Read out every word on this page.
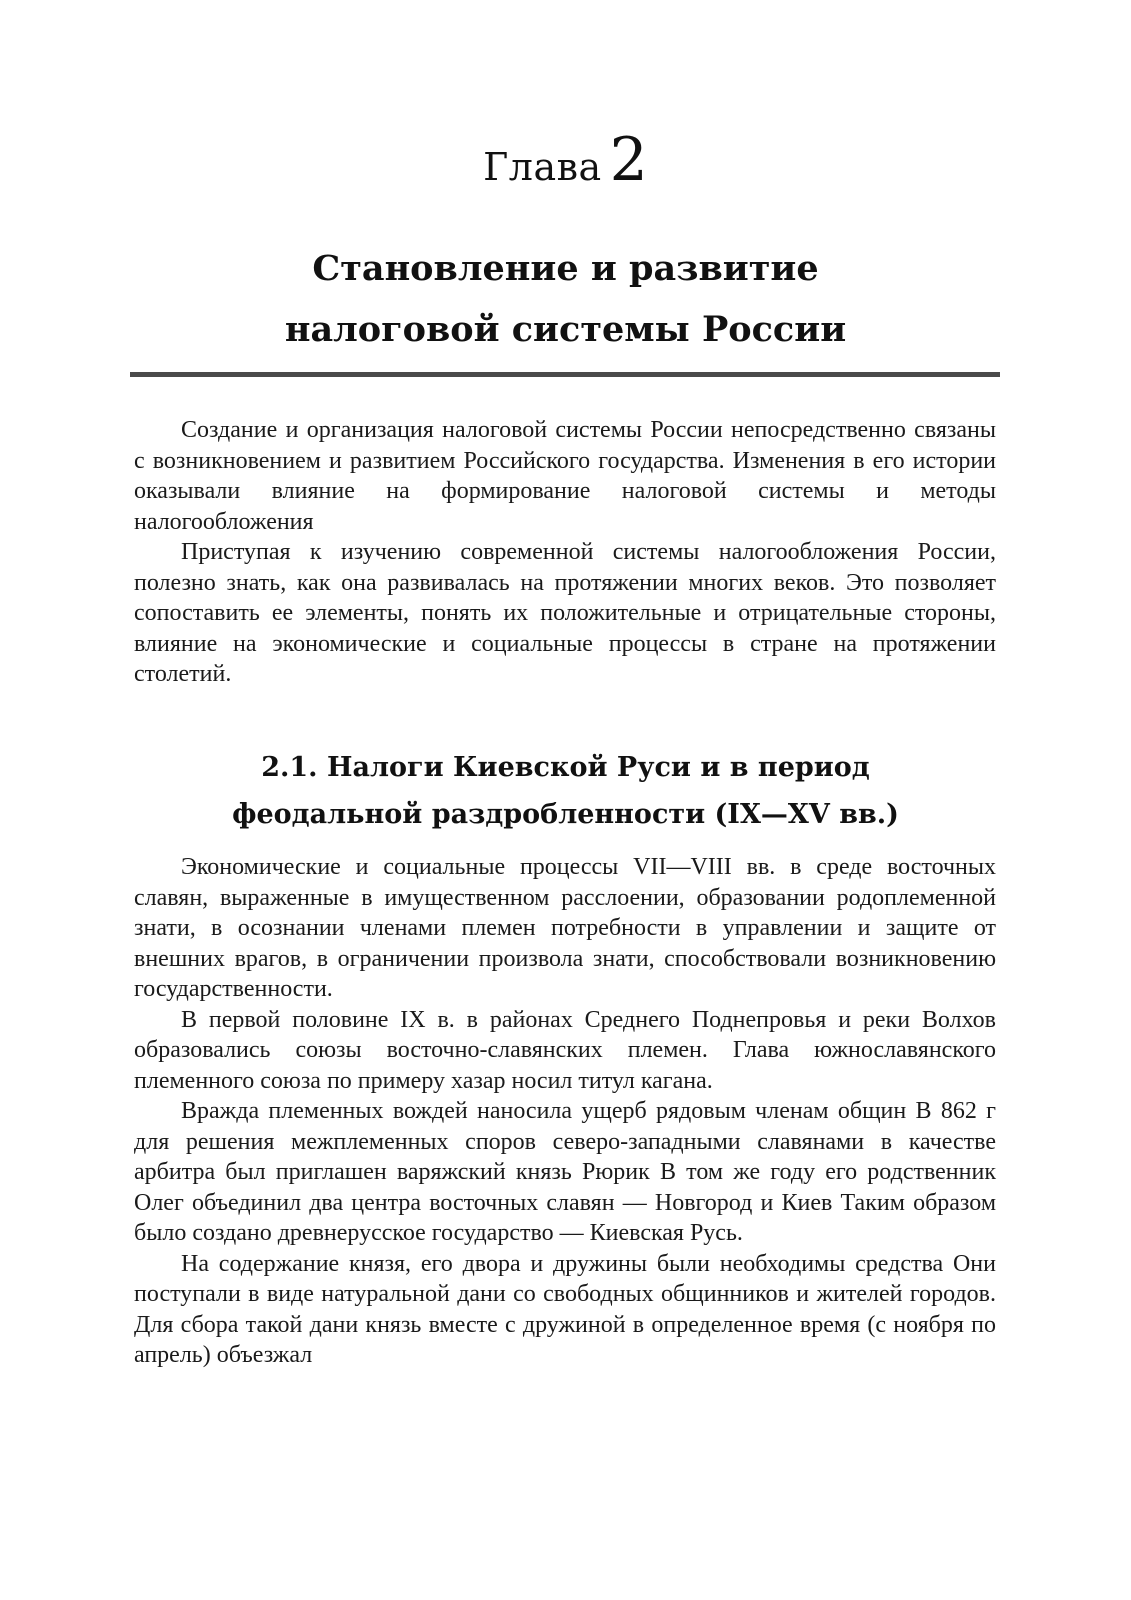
Глава 2
Становление и развитие
налоговой системы России

Создание и организация налоговой системы России непосредственно связаны с возникновением и развитием Российского государства. Изменения в его истории оказывали влияние на формирование налоговой системы и методы налогообложения

Приступая к изучению современной системы налогообложения России, полезно знать, как она развивалась на протяжении многих веков. Это позволяет сопоставить ее элементы, понять их положительные и отрицательные стороны, влияние на экономические и социальные процессы в стране на протяжении столетий.

2.1. Налоги Киевской Руси и в период
феодальной раздробленности (IX—XV вв.)

Экономические и социальные процессы VII—VIII вв. в среде восточных славян, выраженные в имущественном расслоении, образовании родоплеменной знати, в осознании членами племен потребности в управлении и защите от внешних врагов, в ограничении произвола знати, способствовали возникновению государственности.

В первой половине IX в. в районах Среднего Поднепровья и реки Волхов образовались союзы восточно-славянских племен. Глава южнославянского племенного союза по примеру хазар носил титул кагана.

Вражда племенных вождей наносила ущерб рядовым членам общин В 862 г для решения межплеменных споров северо-западными славянами в качестве арбитра был приглашен варяжский князь Рюрик В том же году его родственник Олег объединил два центра восточных славян — Новгород и Киев Таким образом было создано древнерусское государство — Киевская Русь.

На содержание князя, его двора и дружины были необходимы средства Они поступали в виде натуральной дани со свободных общинников и жителей городов. Для сбора такой дани князь вместе с дружиной в определенное время (с ноября по апрель) объезжал
